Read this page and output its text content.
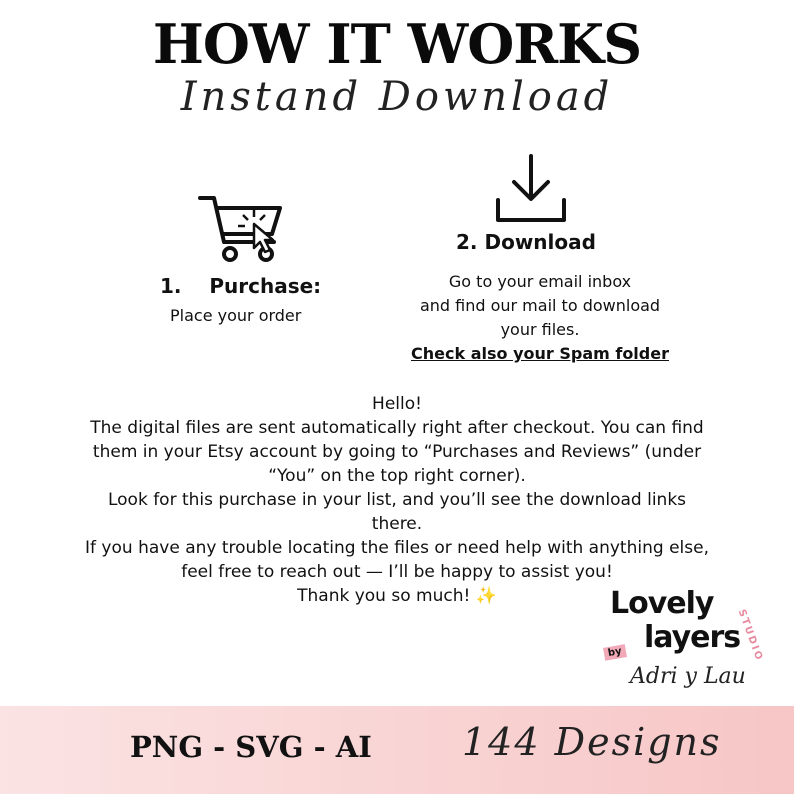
HOW IT WORKS
Instand Download
1.    Purchase:
Place your order
2. Download
Go to your email inbox
and find our mail to download
your files.
Check also your Spam folder
Hello!
The digital files are sent automatically right after checkout. You can find
them in your Etsy account by going to “Purchases and Reviews” (under
“You” on the top right corner).
Look for this purchase in your list, and you’ll see the download links
there.
If you have any trouble locating the files or need help with anything else,
feel free to reach out — I’ll be happy to assist you!
Thank you so much! ✨	Lovely
layers
by	STUDIO
Adri y Lau
PNG - SVG - AI 144 Designs
